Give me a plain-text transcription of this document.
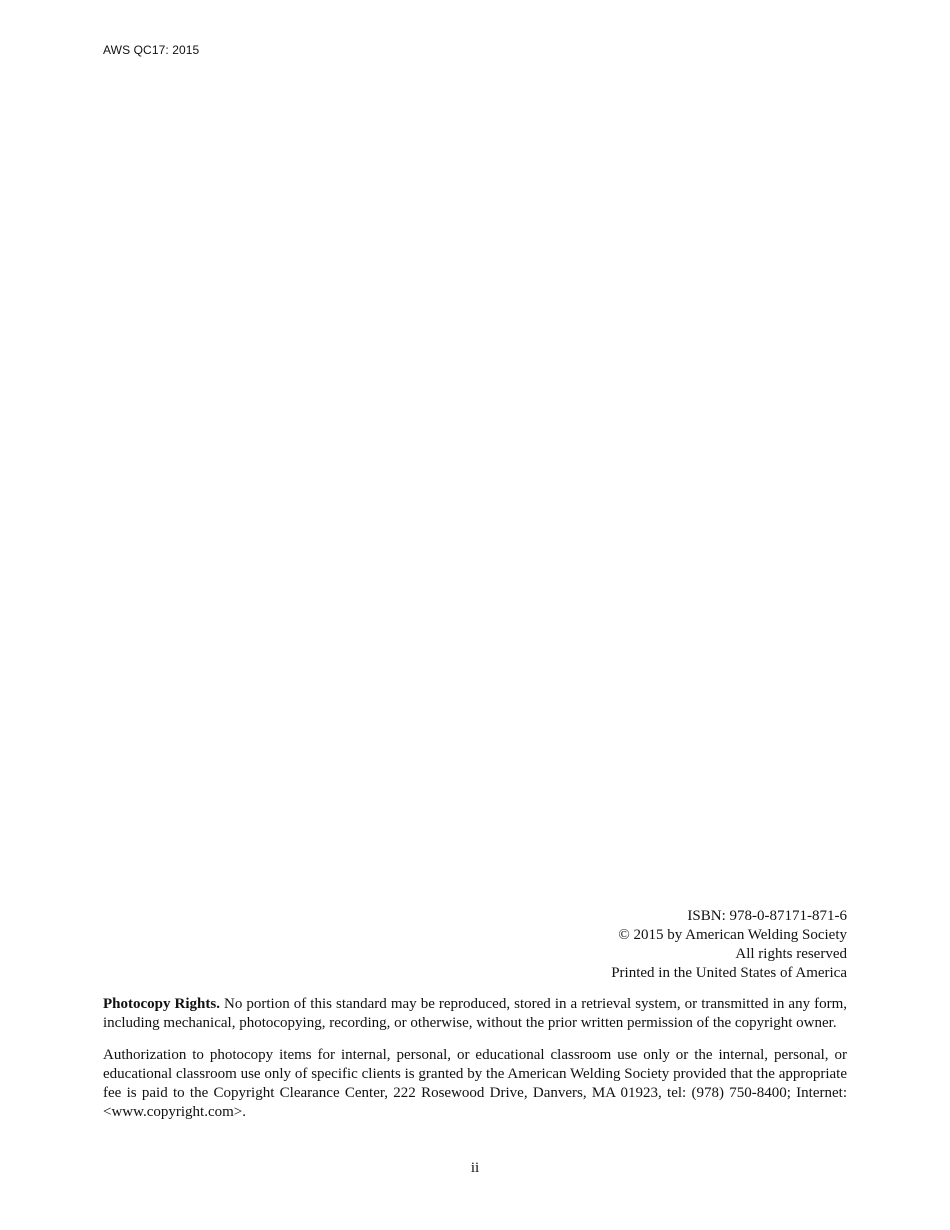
AWS QC17: 2015
ISBN: 978-0-87171-871-6
© 2015 by American Welding Society
All rights reserved
Printed in the United States of America

Photocopy Rights. No portion of this standard may be reproduced, stored in a retrieval system, or transmitted in any form, including mechanical, photocopying, recording, or otherwise, without the prior written permission of the copyright owner.

Authorization to photocopy items for internal, personal, or educational classroom use only or the internal, personal, or educational classroom use only of specific clients is granted by the American Welding Society provided that the appropriate fee is paid to the Copyright Clearance Center, 222 Rosewood Drive, Danvers, MA 01923, tel: (978) 750-8400; Internet: <www.copyright.com>.

ii
